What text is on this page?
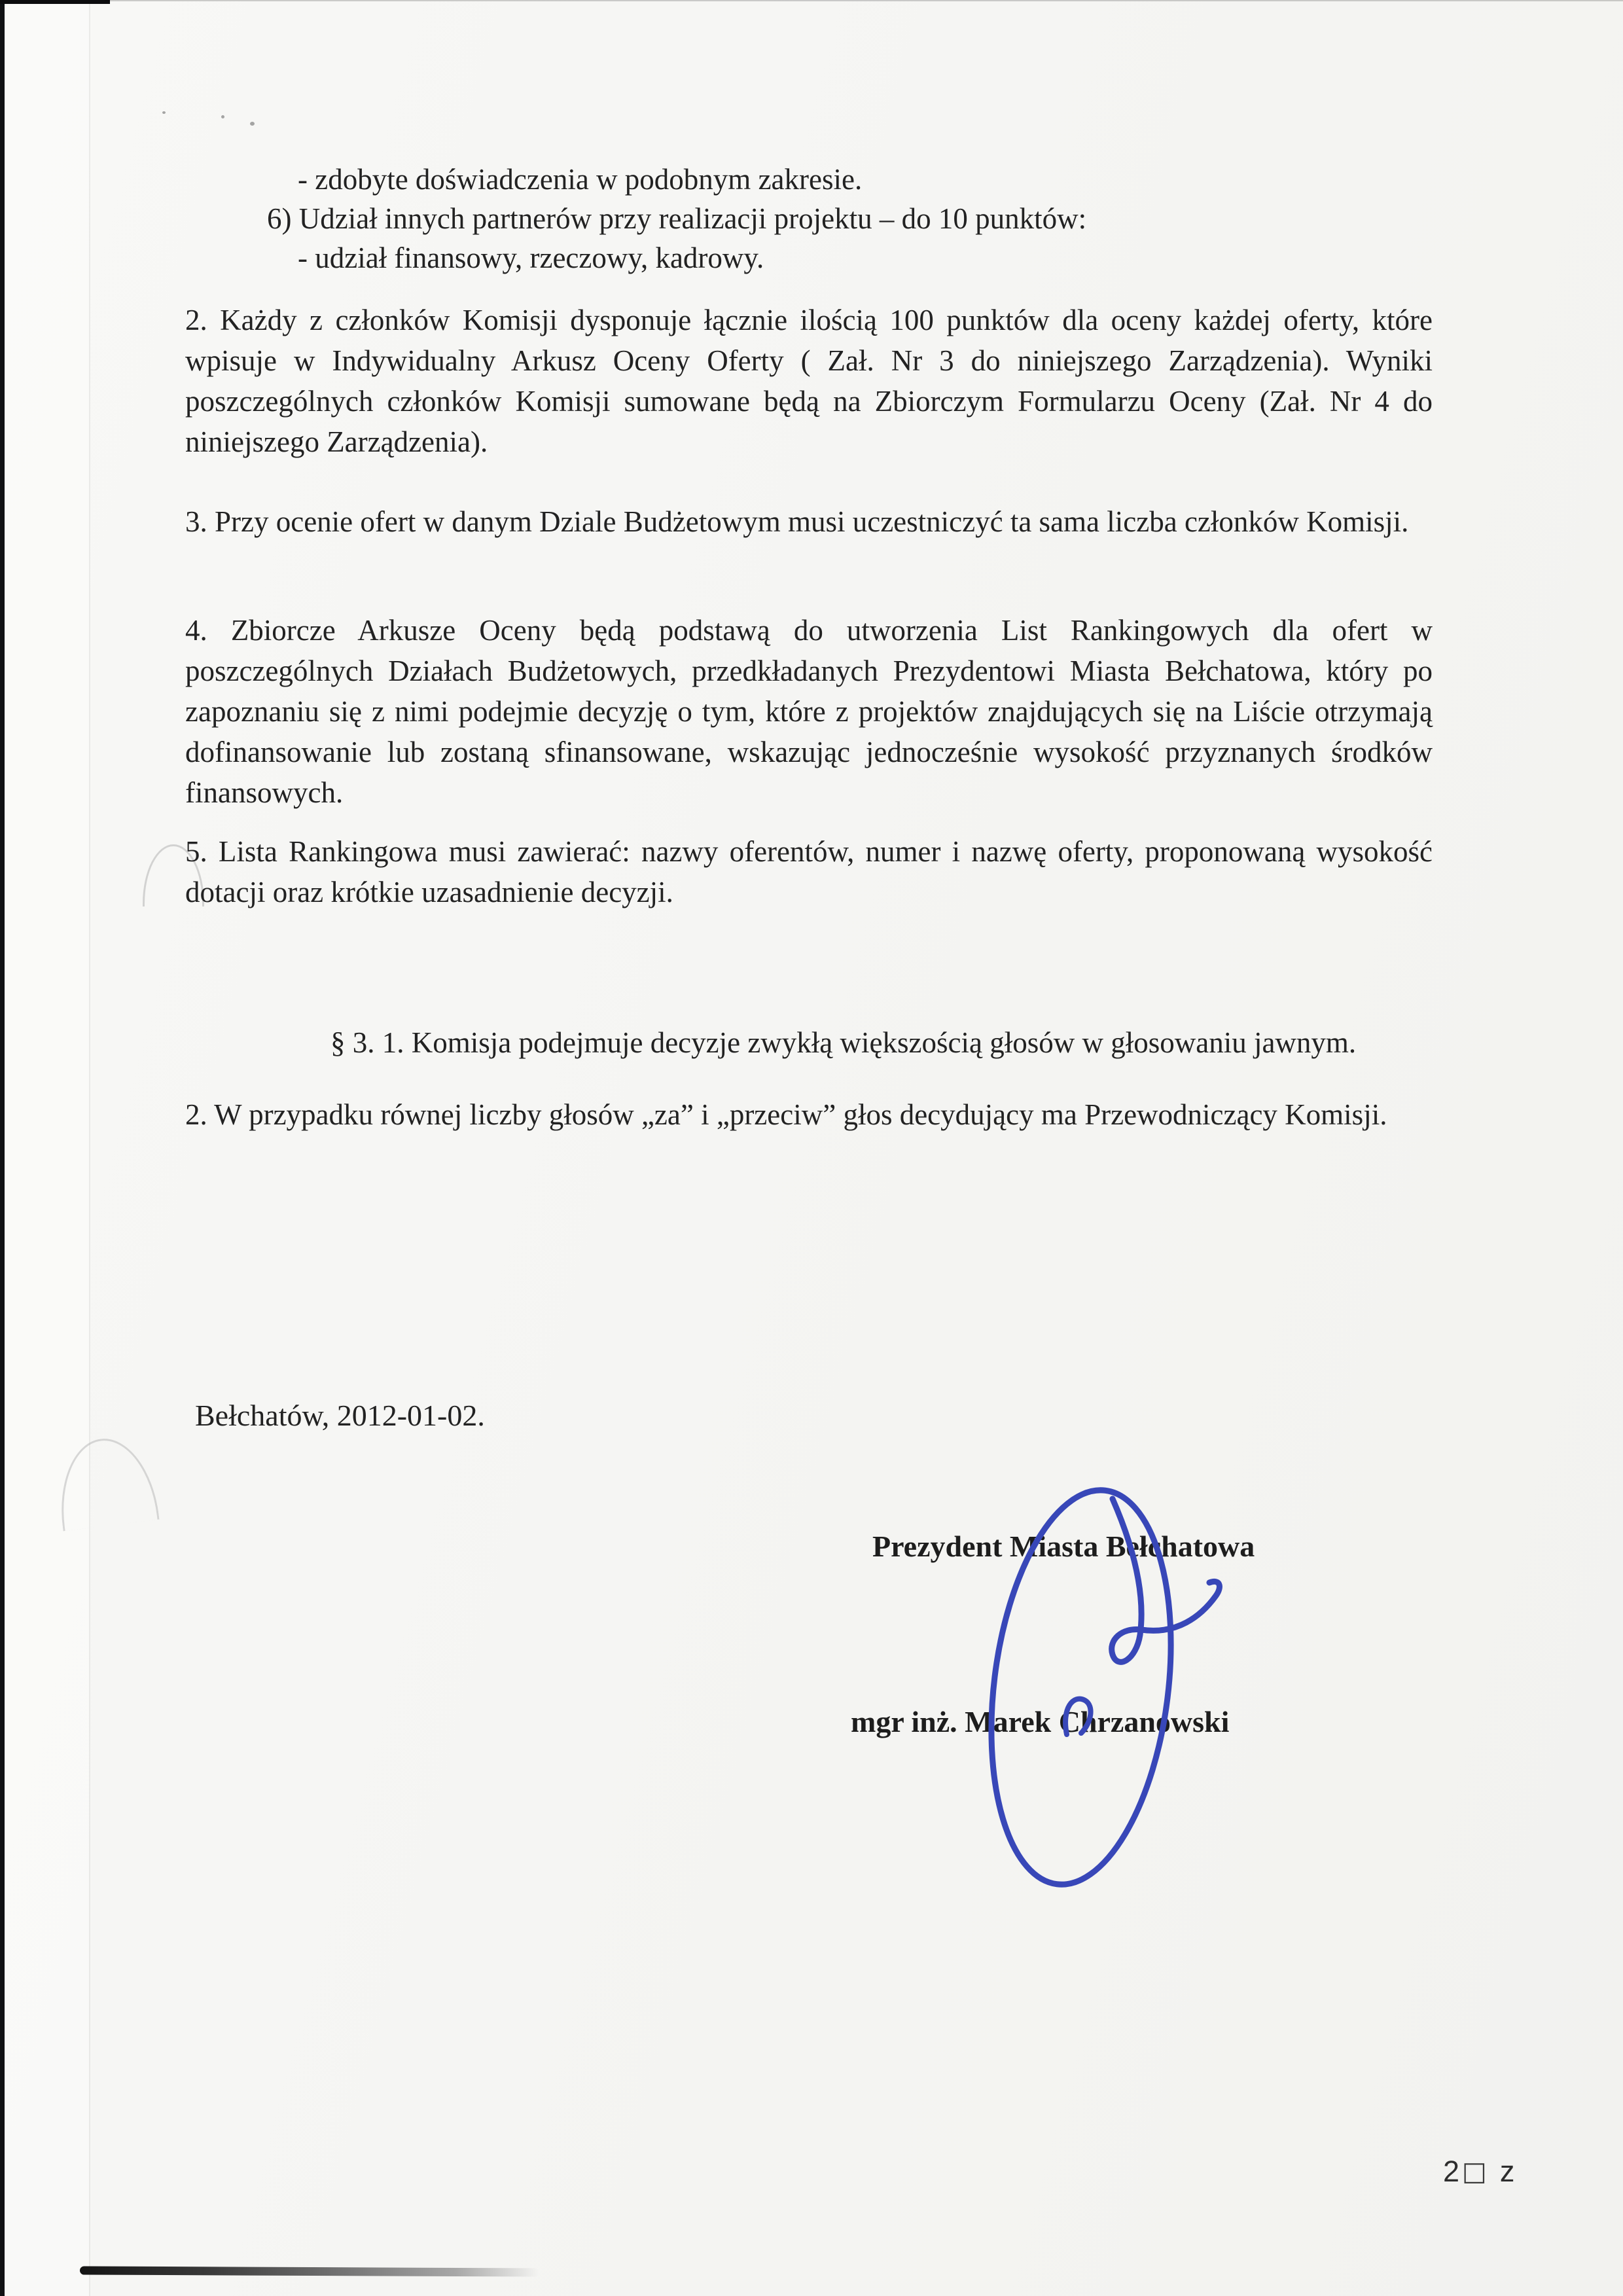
- zdobyte doświadczenia w podobnym zakresie.
6) Udział innych partnerów przy realizacji projektu – do 10 punktów:
- udział finansowy, rzeczowy, kadrowy.
2. Każdy z członków Komisji dysponuje łącznie ilością 100 punktów dla oceny każdej oferty, które wpisuje w Indywidualny Arkusz Oceny Oferty ( Zał. Nr 3 do niniejszego Zarządzenia). Wyniki poszczególnych członków Komisji sumowane będą na Zbiorczym Formularzu Oceny (Zał. Nr 4 do niniejszego Zarządzenia).
3. Przy ocenie ofert w danym Dziale Budżetowym musi uczestniczyć ta sama liczba członków Komisji.
4. Zbiorcze Arkusze Oceny będą podstawą do utworzenia List Rankingowych dla ofert w poszczególnych Działach Budżetowych, przedkładanych Prezydentowi Miasta Bełchatowa, który po zapoznaniu się z nimi podejmie decyzję o tym, które z projektów znajdujących się na Liście otrzymają dofinansowanie lub zostaną sfinansowane, wskazując jednocześnie wysokość przyznanych środków finansowych.
5. Lista Rankingowa musi zawierać: nazwy oferentów, numer i nazwę oferty, proponowaną wysokość dotacji oraz krótkie uzasadnienie decyzji.
§ 3. 1. Komisja podejmuje decyzje zwykłą większością głosów w głosowaniu jawnym.
2. W przypadku równej liczby głosów „za” i „przeciw” głos decydujący ma Przewodniczący Komisji.
Bełchatów, 2012-01-02.
Prezydent Miasta Bełchatowa
mgr inż. Marek Chrzanowski
2 □ z
